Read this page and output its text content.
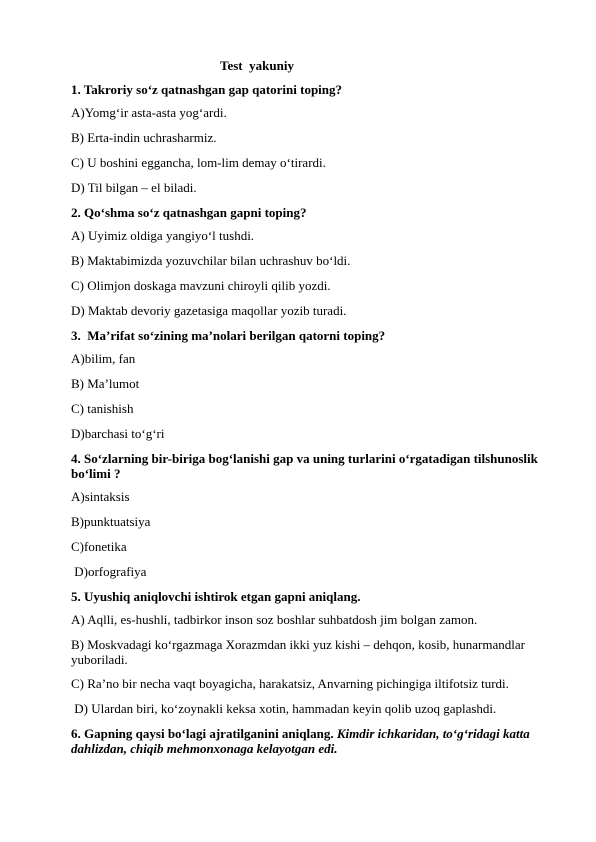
Test  yakuniy
1. Takroriy so‘z qatnashgan gap qatorini toping?
A)Yomg‘ir asta-asta yog‘ardi.
B) Erta-indin uchrasharmiz.
C) U boshini eggancha, lom-lim demay o‘tirardi.
D) Til bilgan – el biladi.
2. Qo‘shma so‘z qatnashgan gapni toping?
A) Uyimiz oldiga yangiyo‘l tushdi.
B) Maktabimizda yozuvchilar bilan uchrashuv bo‘ldi.
C) Olimjon doskaga mavzuni chiroyli qilib yozdi.
D) Maktab devoriy gazetasiga maqollar yozib turadi.
3.  Ma’rifat so‘zining ma’nolari berilgan qatorni toping?
A)bilim, fan
B) Ma’lumot
C) tanishish
D)barchasi to‘g‘ri
4. So‘zlarning bir-biriga bog‘lanishi gap va uning turlarini o‘rgatadigan tilshunoslik bo‘limi ?
A)sintaksis
B)punktuatsiya
C)fonetika
D)orfografiya
5. Uyushiq aniqlovchi ishtirok etgan gapni aniqlang.
A) Aqlli, es-hushli, tadbirkor inson soz boshlar suhbatdosh jim bolgan zamon.
B) Moskvadagi ko‘rgazmaga Xorazmdan ikki yuz kishi – dehqon, kosib, hunarmandlar yuboriladi.
C) Ra’no bir necha vaqt boyagicha, harakatsiz, Anvarning pichingiga iltifotsiz turdi.
D) Ulardan biri, ko‘zoynakli keksa xotin, hammadan keyin qolib uzoq gaplashdi.
6. Gapning qaysi bo‘lagi ajratilganini aniqlang. Kimdir ichkaridan, to‘g‘ridagi katta dahlizdan, chiqib mehmonxonaga kelayotgan edi.
